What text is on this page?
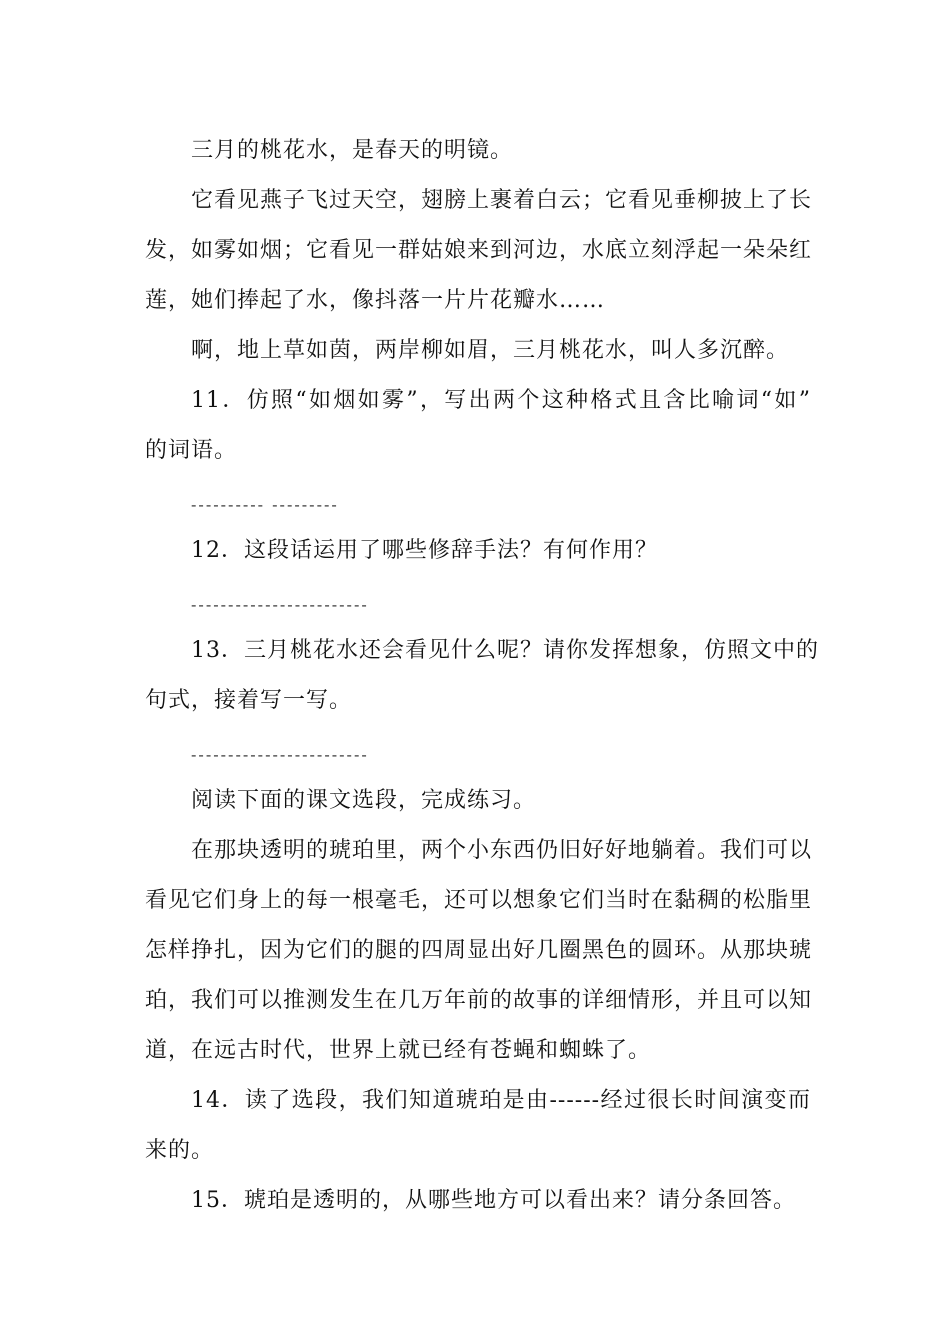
三月的桃花水，是春天的明镜。
它看见燕子飞过天空，翅膀上裹着白云；它看见垂柳披上了长
发，如雾如烟；它看见一群姑娘来到河边，水底立刻浮起一朵朵红
莲，她们捧起了水，像抖落一片片花瓣水……
啊，地上草如茵，两岸柳如眉，三月桃花水，叫人多沉醉。
11．仿照“如烟如雾”，写出两个这种格式且含比喻词“如”
的词语。
---------- ---------
12．这段话运用了哪些修辞手法？有何作用？
------------------------
13．三月桃花水还会看见什么呢？请你发挥想象，仿照文中的
句式，接着写一写。
------------------------
阅读下面的课文选段，完成练习。
在那块透明的琥珀里，两个小东西仍旧好好地躺着。我们可以
看见它们身上的每一根毫毛，还可以想象它们当时在黏稠的松脂里
怎样挣扎，因为它们的腿的四周显出好几圈黑色的圆环。从那块琥
珀，我们可以推测发生在几万年前的故事的详细情形，并且可以知
道，在远古时代，世界上就已经有苍蝇和蜘蛛了。
14．读了选段，我们知道琥珀是由------经过很长时间演变而
来的。
15．琥珀是透明的，从哪些地方可以看出来？请分条回答。
